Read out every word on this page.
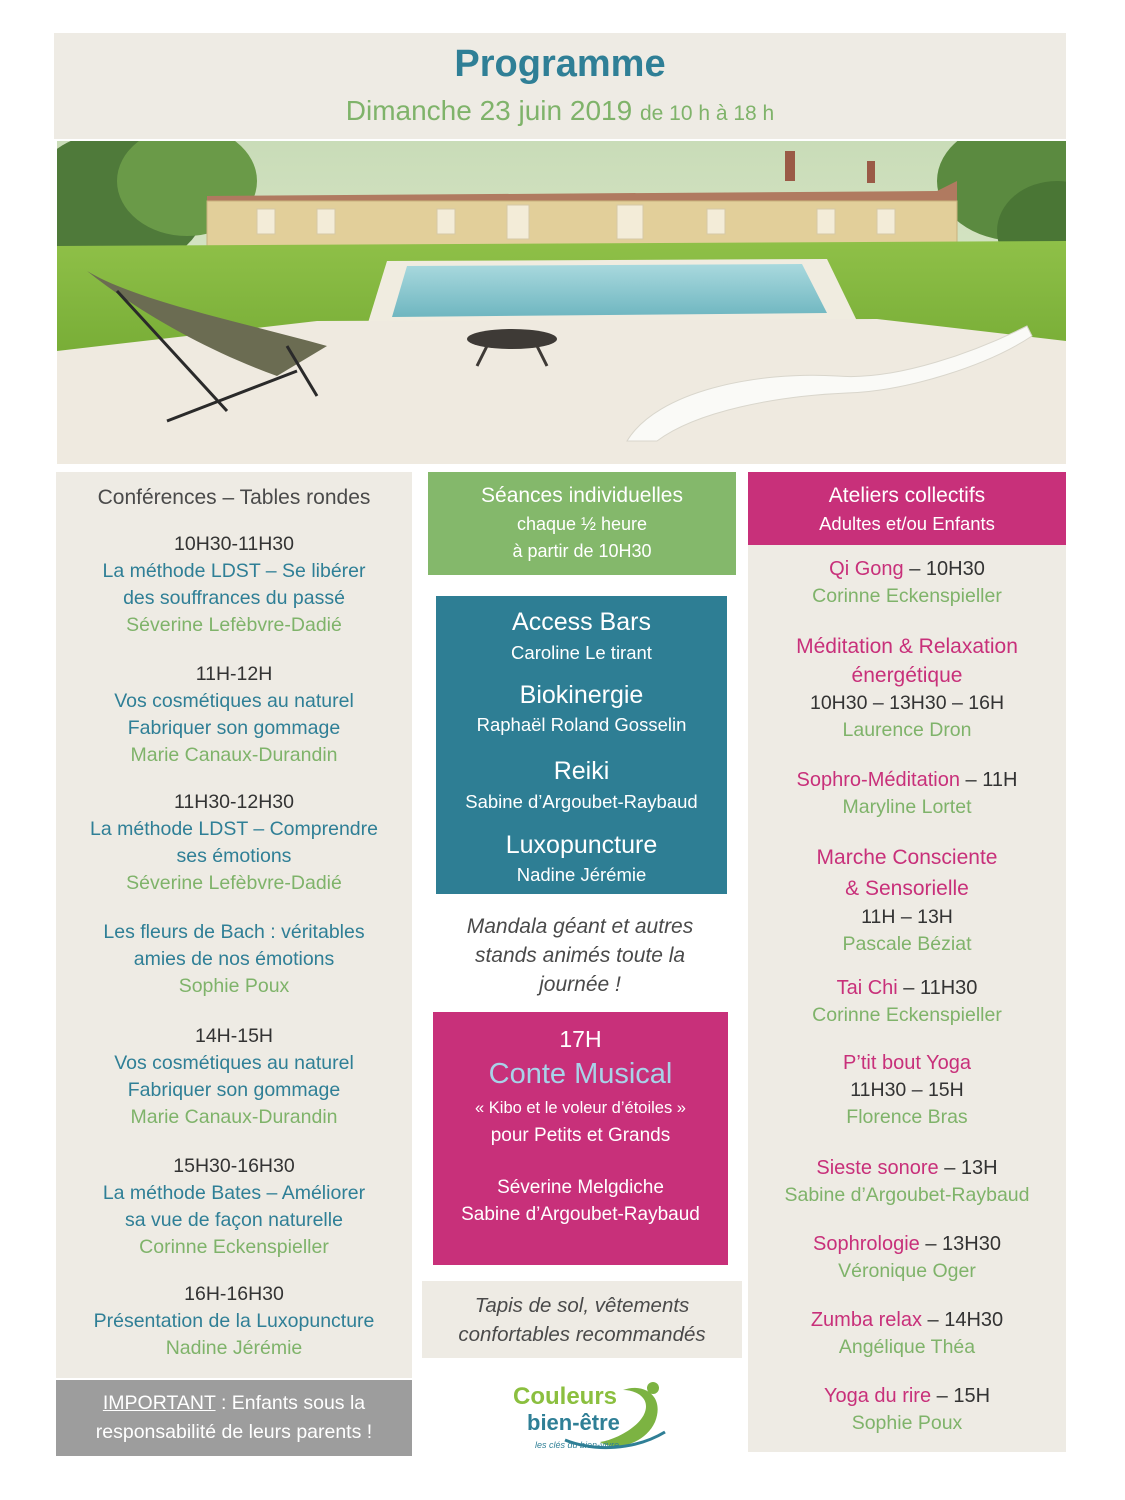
Programme
Dimanche 23 juin 2019 de 10 h à 18 h
Conférences – Tables rondes
10H30-11H30
La méthode LDST – Se libérer
des souffrances du passé
Séverine Lefèbvre-Dadié
11H-12H
Vos cosmétiques au naturel
Fabriquer son gommage
Marie Canaux-Durandin
11H30-12H30
La méthode LDST – Comprendre
ses émotions
Séverine Lefèbvre-Dadié
Les fleurs de Bach : véritables
amies de nos émotions
Sophie Poux
14H-15H
Vos cosmétiques au naturel
Fabriquer son gommage
Marie Canaux-Durandin
15H30-16H30
La méthode Bates – Améliorer
sa vue de façon naturelle
Corinne Eckenspieller
16H-16H30
Présentation de la Luxopuncture
Nadine Jérémie
IMPORTANT : Enfants sous la
responsabilité de leurs parents !
Séances individuelles
chaque ½ heure
à partir de 10H30
Access Bars
Caroline Le tirant
Biokinergie
Raphaël Roland Gosselin
Reiki
Sabine d’Argoubet-Raybaud
Luxopuncture
Nadine Jérémie
Mandala géant et autres
stands animés toute la
journée !
17H
Conte Musical
« Kibo et le voleur d’étoiles »
pour Petits et Grands
Séverine Melgdiche
Sabine d’Argoubet-Raybaud
Tapis de sol, vêtements
confortables recommandés
Couleurs
bien-être
les clés du bien-vivre
Qi Gong – 10H30
Corinne Eckenspieller
Méditation & Relaxation
énergétique
10H30 – 13H30 – 16H
Laurence Dron
Sophro-Méditation – 11H
Maryline Lortet
Marche Consciente
& Sensorielle
11H – 13H
Pascale Béziat
Tai Chi – 11H30
Corinne Eckenspieller
P’tit bout Yoga
11H30 – 15H
Florence Bras
Sieste sonore – 13H
Sabine d’Argoubet-Raybaud
Sophrologie – 13H30
Véronique Oger
Zumba relax – 14H30
Angélique Théa
Yoga du rire – 15H
Sophie Poux
Ateliers collectifs
Adultes et/ou Enfants
